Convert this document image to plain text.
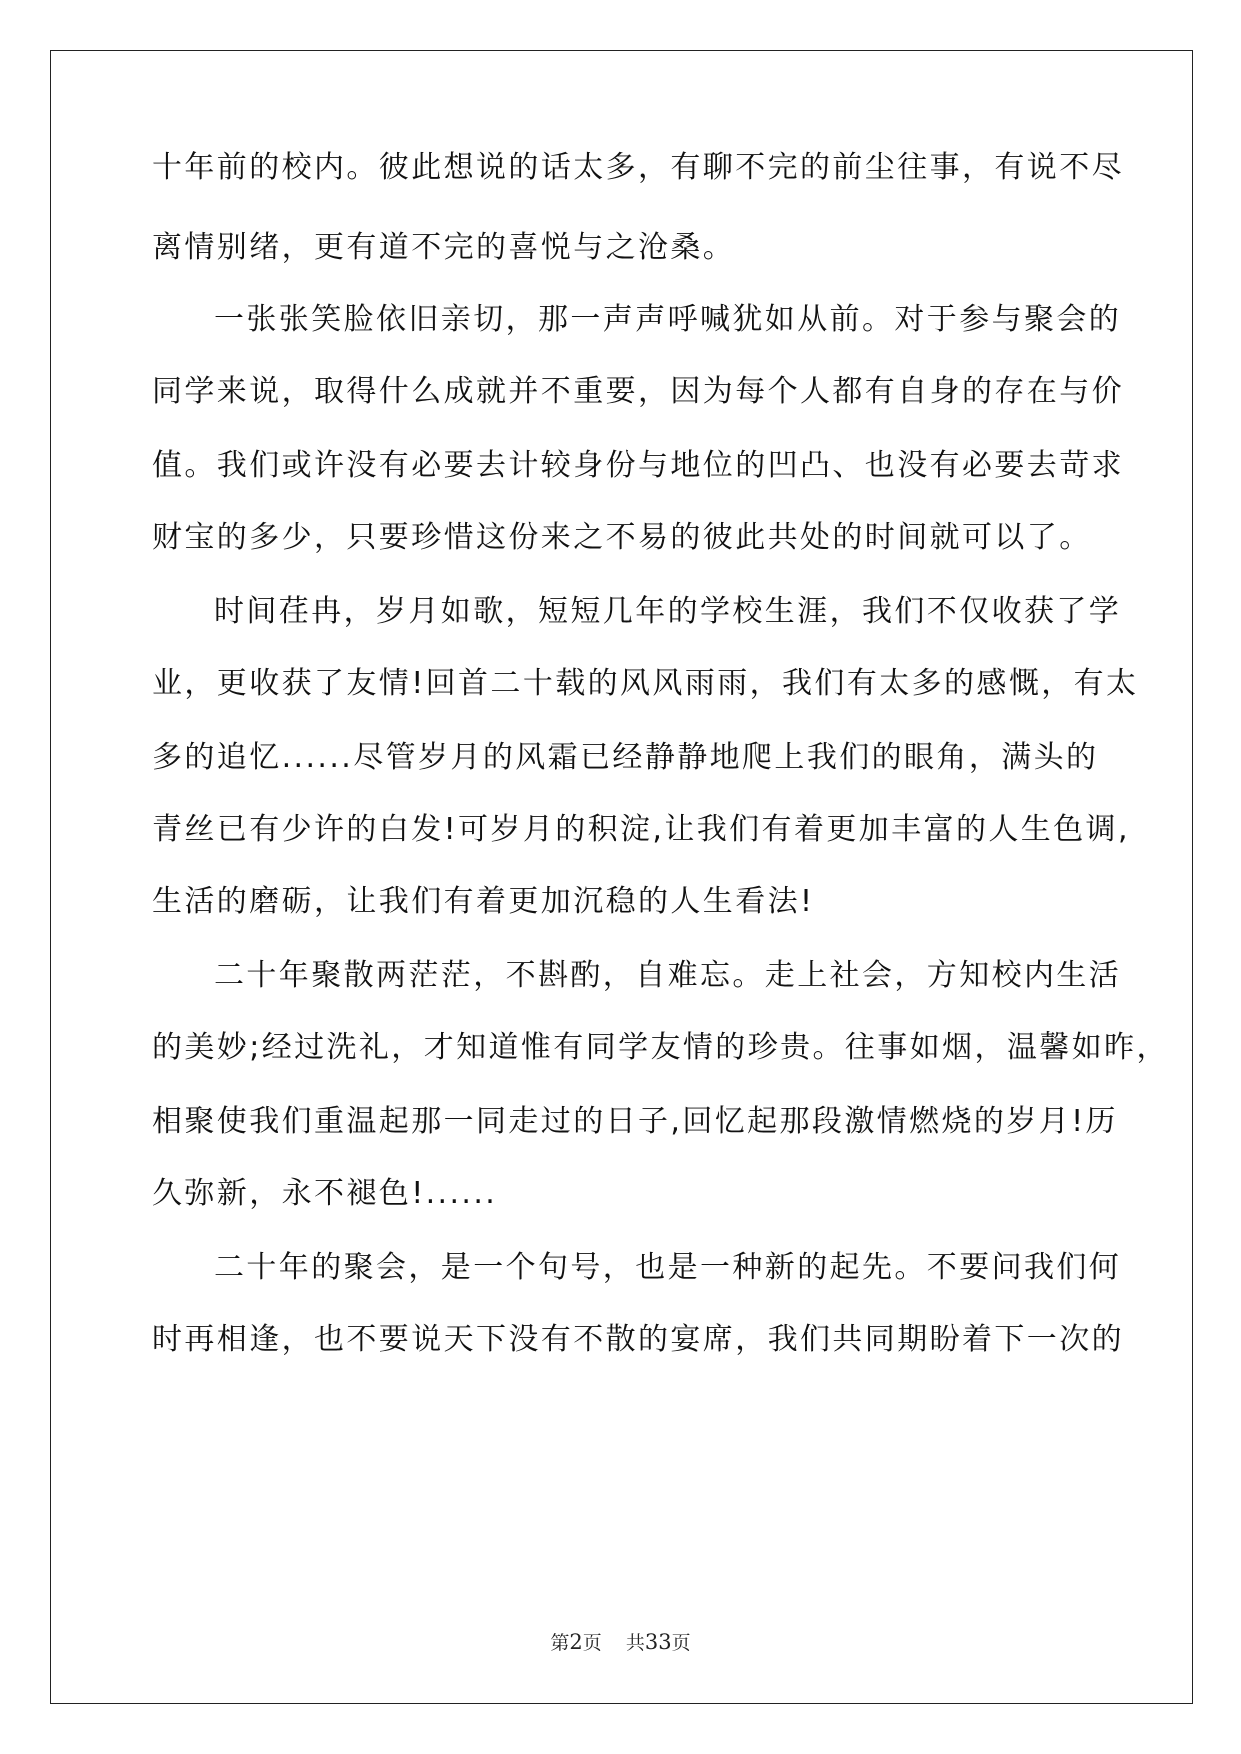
十年前的校内。彼此想说的话太多，有聊不完的前尘往事，有说不尽
离情别绪，更有道不完的喜悦与之沧桑。
一张张笑脸依旧亲切，那一声声呼喊犹如从前。对于参与聚会的
同学来说，取得什么成就并不重要，因为每个人都有自身的存在与价
值。我们或许没有必要去计较身份与地位的凹凸、也没有必要去苛求
财宝的多少，只要珍惜这份来之不易的彼此共处的时间就可以了。
时间荏冉，岁月如歌，短短几年的学校生涯，我们不仅收获了学
业，更收获了友情!回首二十载的风风雨雨，我们有太多的感慨，有太
多的追忆......尽管岁月的风霜已经静静地爬上我们的眼角，满头的
青丝已有少许的白发!可岁月的积淀,让我们有着更加丰富的人生色调,
生活的磨砺，让我们有着更加沉稳的人生看法!
二十年聚散两茫茫，不斟酌，自难忘。走上社会，方知校内生活
的美妙;经过洗礼，才知道惟有同学友情的珍贵。往事如烟，温馨如昨，
相聚使我们重温起那一同走过的日子,回忆起那段激情燃烧的岁月!历
久弥新，永不褪色!......
二十年的聚会，是一个句号，也是一种新的起先。不要问我们何
时再相逢，也不要说天下没有不散的宴席，我们共同期盼着下一次的
第2页 共33页
